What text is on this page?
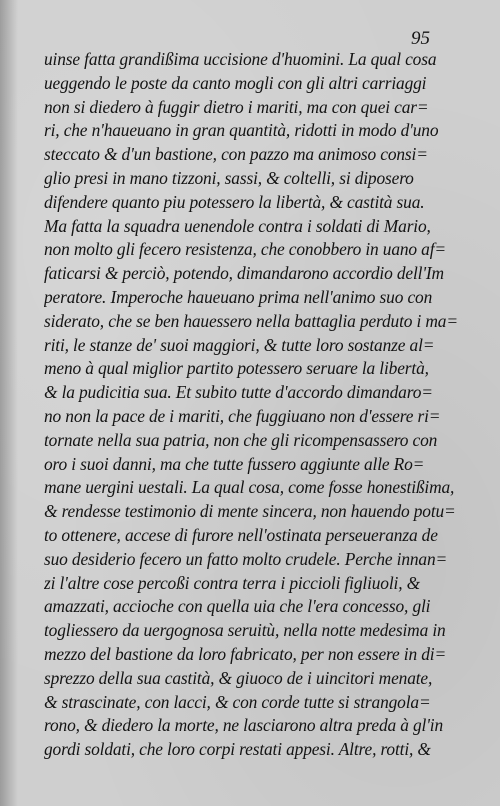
95
uinse fatta grandißima uccisione d'huomini. La qual cosa
ueggendo le poste da canto mogli con gli altri carriaggi
non si diedero à fuggir dietro i mariti, ma con quei car=
ri, che n'haueuano in gran quantità, ridotti in modo d'uno
steccato & d'un bastione, con pazzo ma animoso consi=
glio presi in mano tizzoni, sassi, & coltelli, si diposero
difendere quanto piu potessero la libertà, & castità sua.
Ma fatta la squadra uenendole contra i soldati di Mario,
non molto gli fecero resistenza, che conobbero in uano af=
faticarsi & perciò, potendo, dimandarono accordio dell'Im
peratore. Imperoche haueuano prima nell'animo suo con
siderato, che se ben hauessero nella battaglia perduto i ma=
riti, le stanze de' suoi maggiori, & tutte loro sostanze al=
meno à qual miglior partito potessero seruare la libertà,
& la pudicitia sua. Et subito tutte d'accordo dimandaro=
no non la pace de i mariti, che fuggiuano non d'essere ri=
tornate nella sua patria, non che gli ricompensassero con
oro i suoi danni, ma che tutte fussero aggiunte alle Ro=
mane uergini uestali. La qual cosa, come fosse honestißima,
& rendesse testimonio di mente sincera, non hauendo potu=
to ottenere, accese di furore nell'ostinata perseueranza de
suo desiderio fecero un fatto molto crudele. Perche innan=
zi l'altre cose percoßi contra terra i piccioli figliuoli, &
amazzati, accioche con quella uia che l'era concesso, gli
togliessero da uergognosa seruitù, nella notte medesima in
mezzo del bastione da loro fabricato, per non essere in di=
sprezzo della sua castità, & giuoco de i uincitori menate,
& strascinate, con lacci, & con corde tutte si strangola=
rono, & diedero la morte, ne lasciarono altra preda à gl'in
gordi soldati, che loro corpi restati appesi. Altre, rotti, &
